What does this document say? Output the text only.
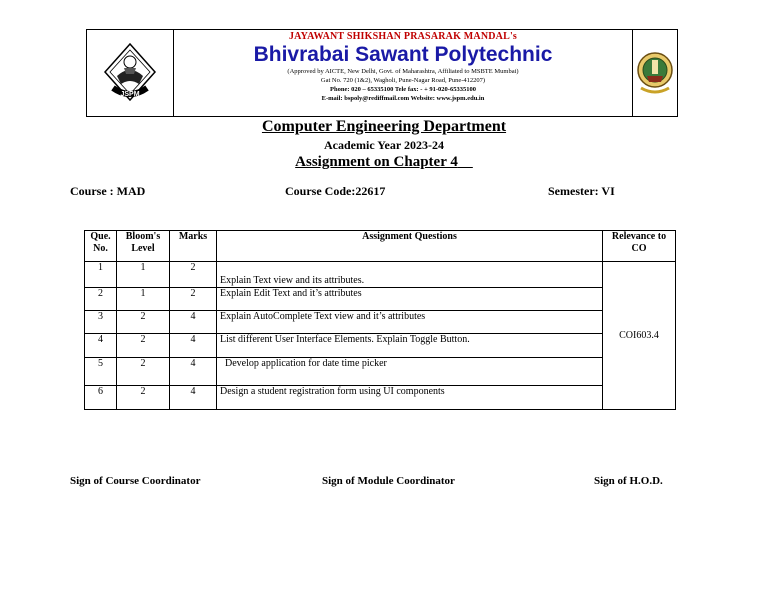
JSPM
JAYAWANT SHIKSHAN PRASARAK MANDAL's
Bhivrabai Sawant Polytechnic
(Approved by AICTE, New Delhi, Govt. of Maharashtra, Affiliated to MSBTE Mumbai)
Gat No. 720 (1&2), Wagholi, Pune-Nagar Road, Pune-412207)
Phone: 020 – 65335100 Tele fax: - + 91-020-65335100
E-mail: bspoly@rediffmail.com Website: www.jspm.edu.in
Computer Engineering Department
Academic Year 2023-24
Assignment on Chapter 4
Course : MAD	Course Code:22617	Semester: VI
Que. No.	Bloom's Level	Marks	Assignment Questions	Relevance to CO
1	1	2	Explain Text view and its attributes.	COI603.4
2	1	2	Explain Edit Text and it’s attributes	
3	2	4	Explain AutoComplete Text view and it’s attributes	
4	2	4	List different User Interface Elements. Explain Toggle Button.	
5	2	4	Develop application for date time picker	
6	2	4	Design a student registration form using UI components	
Sign of Course Coordinator	Sign of Module Coordinator	Sign of H.O.D.
